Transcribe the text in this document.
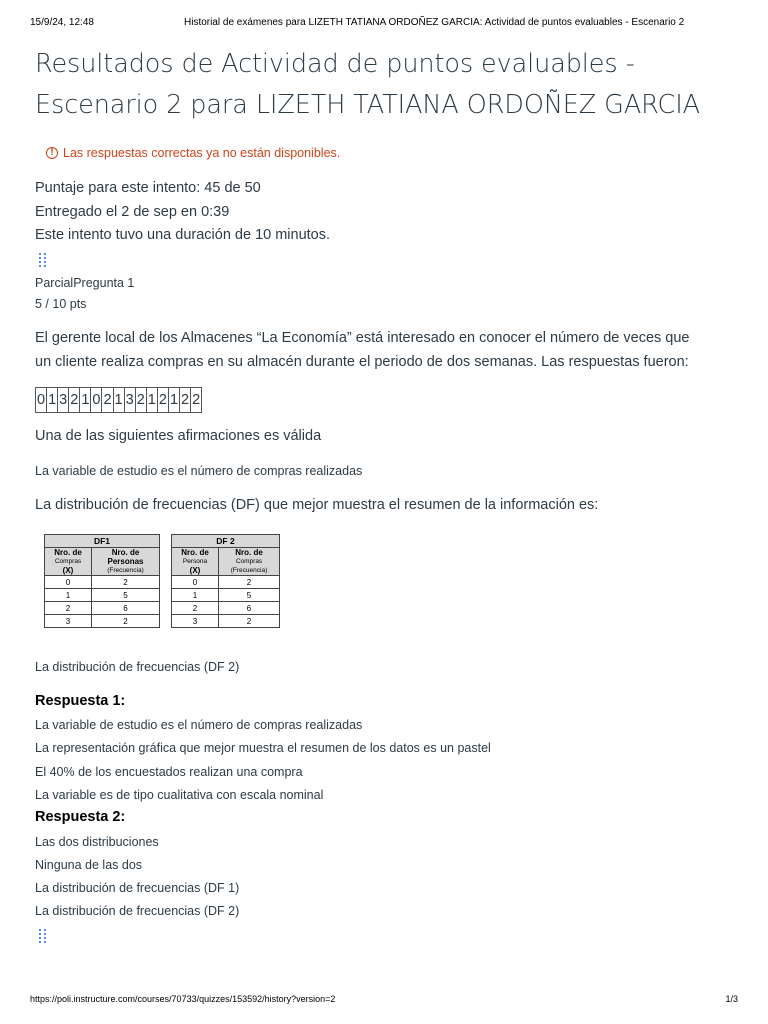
15/9/24, 12:48	Historial de exámenes para LIZETH TATIANA ORDOÑEZ GARCIA: Actividad de puntos evaluables - Escenario 2
Resultados de Actividad de puntos evaluables -
Escenario 2 para LIZETH TATIANA ORDOÑEZ GARCIA
! Las respuestas correctas ya no están disponibles.
Puntaje para este intento: 45 de 50
Entregado el 2 de sep en 0:39
Este intento tuvo una duración de 10 minutos.
ParcialPregunta 1
5 / 10 pts

El gerente local de los Almacenes “La Economía” está interesado en conocer el número de veces que
un cliente realiza compras en su almacén durante el periodo de dos semanas. Las respuestas fueron:

0 1 3 2 1 0 2 1 3 2 1 2 1 2 2
Una de las siguientes afirmaciones es válida
La variable de estudio es el número de compras realizadas
La distribución de frecuencias (DF) que mejor muestra el resumen de la información es:
DF1	
Nro. de

Compras
(X)	Nro. de
Personas
(Frecuencia)

0	2
1	5
2	6
3	2
DF 2	
Nro. de

Persona
(X)	Nro. de

Compras
(Frecuencia)

0	2
1	5
2	6
3	2
La distribución de frecuencias (DF 2)
Respuesta 1:
La variable de estudio es el número de compras realizadas
La representación gráfica que mejor muestra el resumen de los datos es un pastel
El 40% de los encuestados realizan una compra
La variable es de tipo cualitativa con escala nominal
Respuesta 2:
Las dos distribuciones
Ninguna de las dos
La distribución de frecuencias (DF 1)
La distribución de frecuencias (DF 2)
https://poli.instructure.com/courses/70733/quizzes/153592/history?version=2	1/3
